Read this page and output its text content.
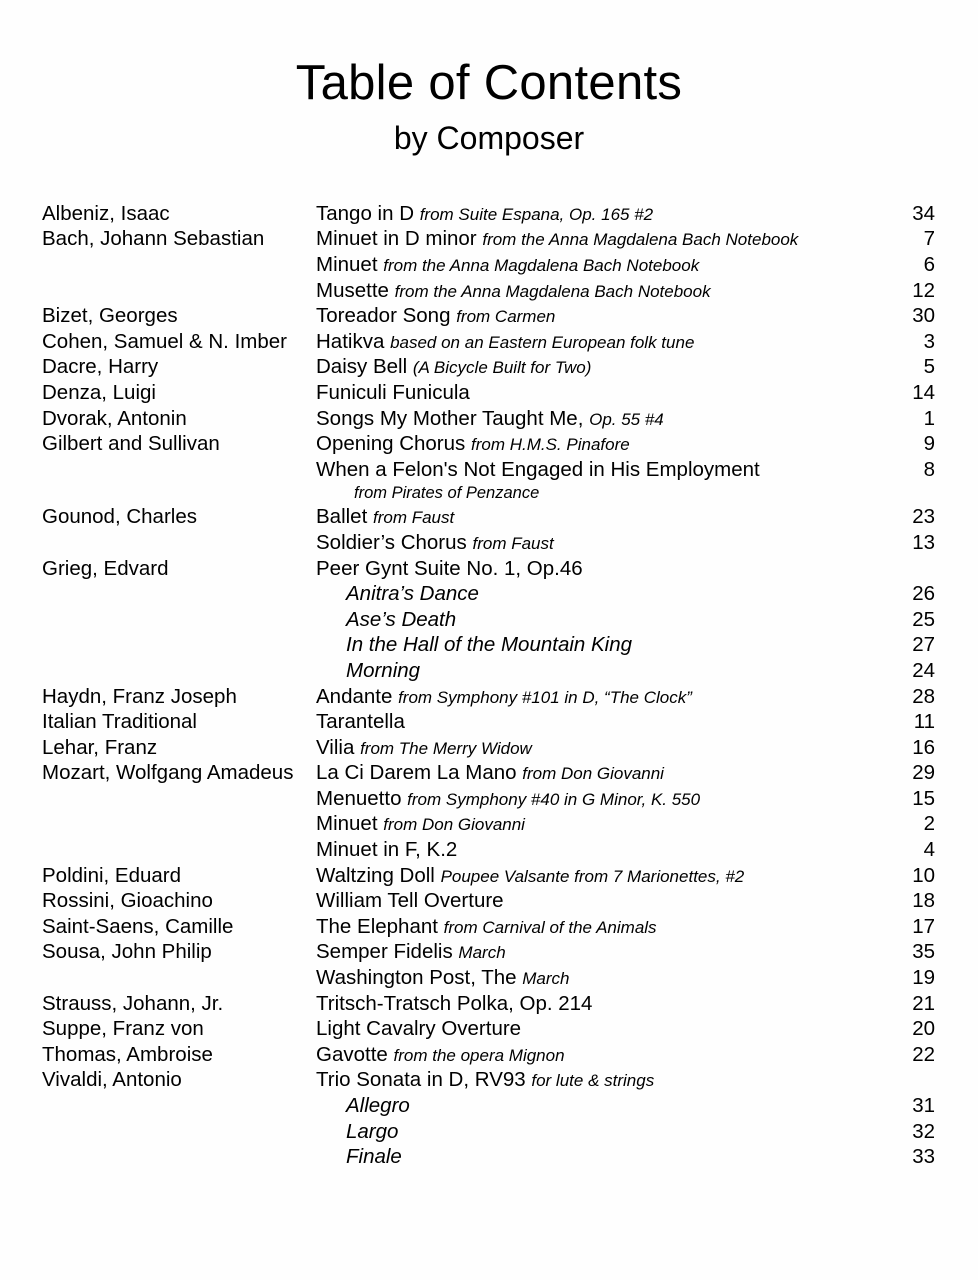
Table of Contents
by Composer
Albeniz, Isaac	Tango in D from Suite Espana, Op. 165 #2	34
Bach, Johann Sebastian	Minuet in D minor from the Anna Magdalena Bach Notebook	7
Minuet from the Anna Magdalena Bach Notebook	6
Musette from the Anna Magdalena Bach Notebook	12
Bizet, Georges	Toreador Song from Carmen	30
Cohen, Samuel & N. Imber	Hatikva based on an Eastern European folk tune	3
Dacre, Harry	Daisy Bell (A Bicycle Built for Two)	5
Denza, Luigi	Funiculi Funicula	14
Dvorak, Antonin	Songs My Mother Taught Me, Op. 55 #4	1
Gilbert and Sullivan	Opening Chorus from H.M.S. Pinafore	9
When a Felon's Not Engaged in His Employment	8
from Pirates of Penzance
Gounod, Charles	Ballet from Faust	23
Soldier’s Chorus from Faust	13
Grieg, Edvard	Peer Gynt Suite No. 1, Op.46
Anitra’s Dance	26
Ase’s Death	25
In the Hall of the Mountain King	27
Morning	24
Haydn, Franz Joseph	Andante from Symphony #101 in D, “The Clock”	28
Italian Traditional	Tarantella	11
Lehar, Franz	Vilia from The Merry Widow	16
Mozart, Wolfgang Amadeus	La Ci Darem La Mano from Don Giovanni	29
Menuetto from Symphony #40 in G Minor, K. 550	15
Minuet from Don Giovanni	2
Minuet in F, K.2	4
Poldini, Eduard	Waltzing Doll Poupee Valsante from 7 Marionettes, #2	10
Rossini, Gioachino	William Tell Overture	18
Saint-Saens, Camille	The Elephant from Carnival of the Animals	17
Sousa, John Philip	Semper Fidelis March	35
Washington Post, The March	19
Strauss, Johann, Jr.	Tritsch-Tratsch Polka, Op. 214	21
Suppe, Franz von	Light Cavalry Overture	20
Thomas, Ambroise	Gavotte from the opera Mignon	22
Vivaldi, Antonio	Trio Sonata in D, RV93 for lute & strings
Allegro	31
Largo	32
Finale	33
